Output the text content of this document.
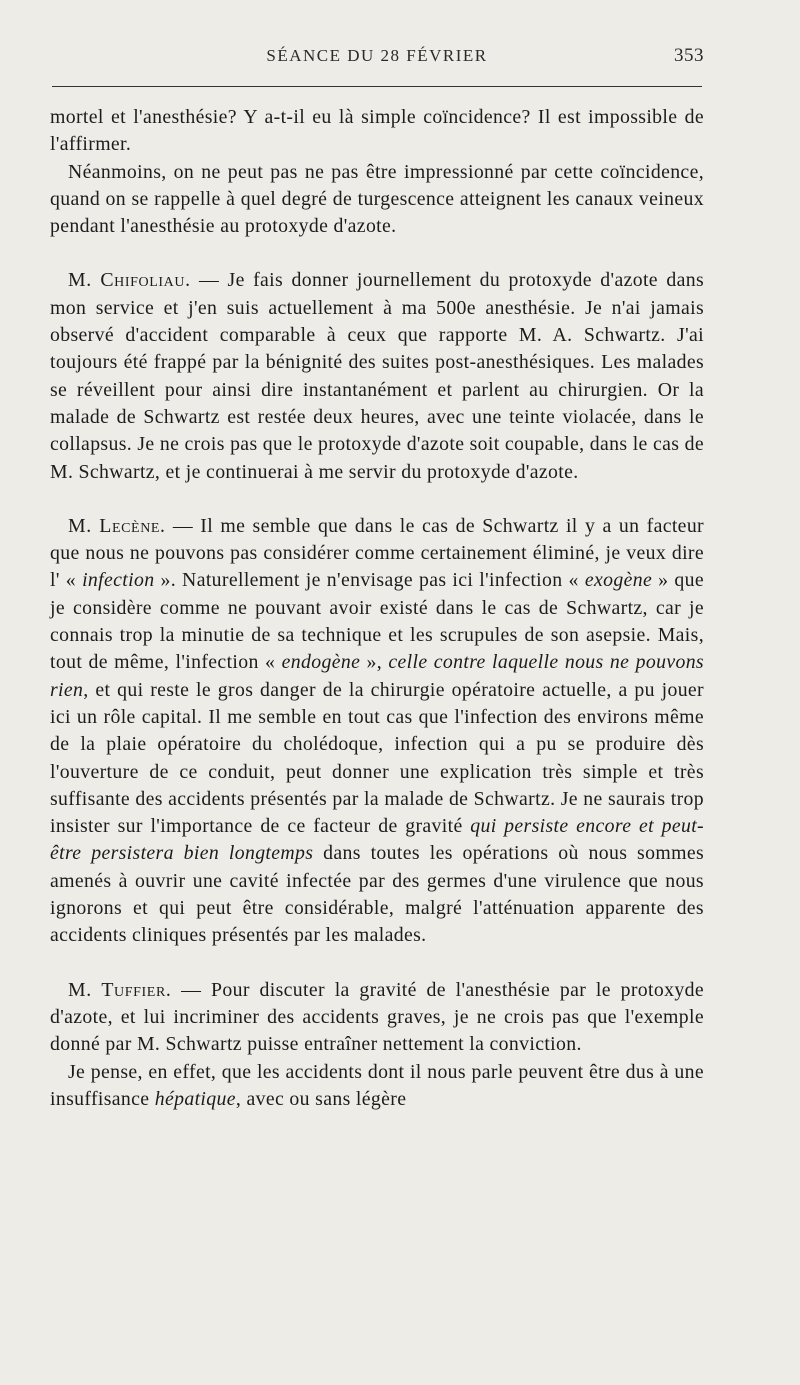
SÉANCE DU 28 FÉVRIER	353

mortel et l'anesthésie? Y a-t-il eu là simple coïncidence? Il est impossible de l'affirmer.

Néanmoins, on ne peut pas ne pas être impressionné par cette coïncidence, quand on se rappelle à quel degré de turgescence atteignent les canaux veineux pendant l'anesthésie au protoxyde d'azote.

M. Chifoliau. — Je fais donner journellement du protoxyde d'azote dans mon service et j'en suis actuellement à ma 500e anesthésie. Je n'ai jamais observé d'accident comparable à ceux que rapporte M. A. Schwartz. J'ai toujours été frappé par la bénignité des suites post-anesthésiques. Les malades se réveillent pour ainsi dire instantanément et parlent au chirurgien. Or la malade de Schwartz est restée deux heures, avec une teinte violacée, dans le collapsus. Je ne crois pas que le protoxyde d'azote soit coupable, dans le cas de M. Schwartz, et je continuerai à me servir du protoxyde d'azote.

M. Lecène. — Il me semble que dans le cas de Schwartz il y a un facteur que nous ne pouvons pas considérer comme certainement éliminé, je veux dire l' « infection ». Naturellement je n'envisage pas ici l'infection « exogène » que je considère comme ne pouvant avoir existé dans le cas de Schwartz, car je connais trop la minutie de sa technique et les scrupules de son asepsie. Mais, tout de même, l'infection « endogène », celle contre laquelle nous ne pouvons rien, et qui reste le gros danger de la chirurgie opératoire actuelle, a pu jouer ici un rôle capital. Il me semble en tout cas que l'infection des environs même de la plaie opératoire du cholédoque, infection qui a pu se produire dès l'ouverture de ce conduit, peut donner une explication très simple et très suffisante des accidents présentés par la malade de Schwartz. Je ne saurais trop insister sur l'importance de ce facteur de gravité qui persiste encore et peut-être persistera bien longtemps dans toutes les opérations où nous sommes amenés à ouvrir une cavité infectée par des germes d'une virulence que nous ignorons et qui peut être considérable, malgré l'atténuation apparente des accidents cliniques présentés par les malades.

M. Tuffier. — Pour discuter la gravité de l'anesthésie par le protoxyde d'azote, et lui incriminer des accidents graves, je ne crois pas que l'exemple donné par M. Schwartz puisse entraîner nettement la conviction.

Je pense, en effet, que les accidents dont il nous parle peuvent être dus à une insuffisance hépatique, avec ou sans légère
